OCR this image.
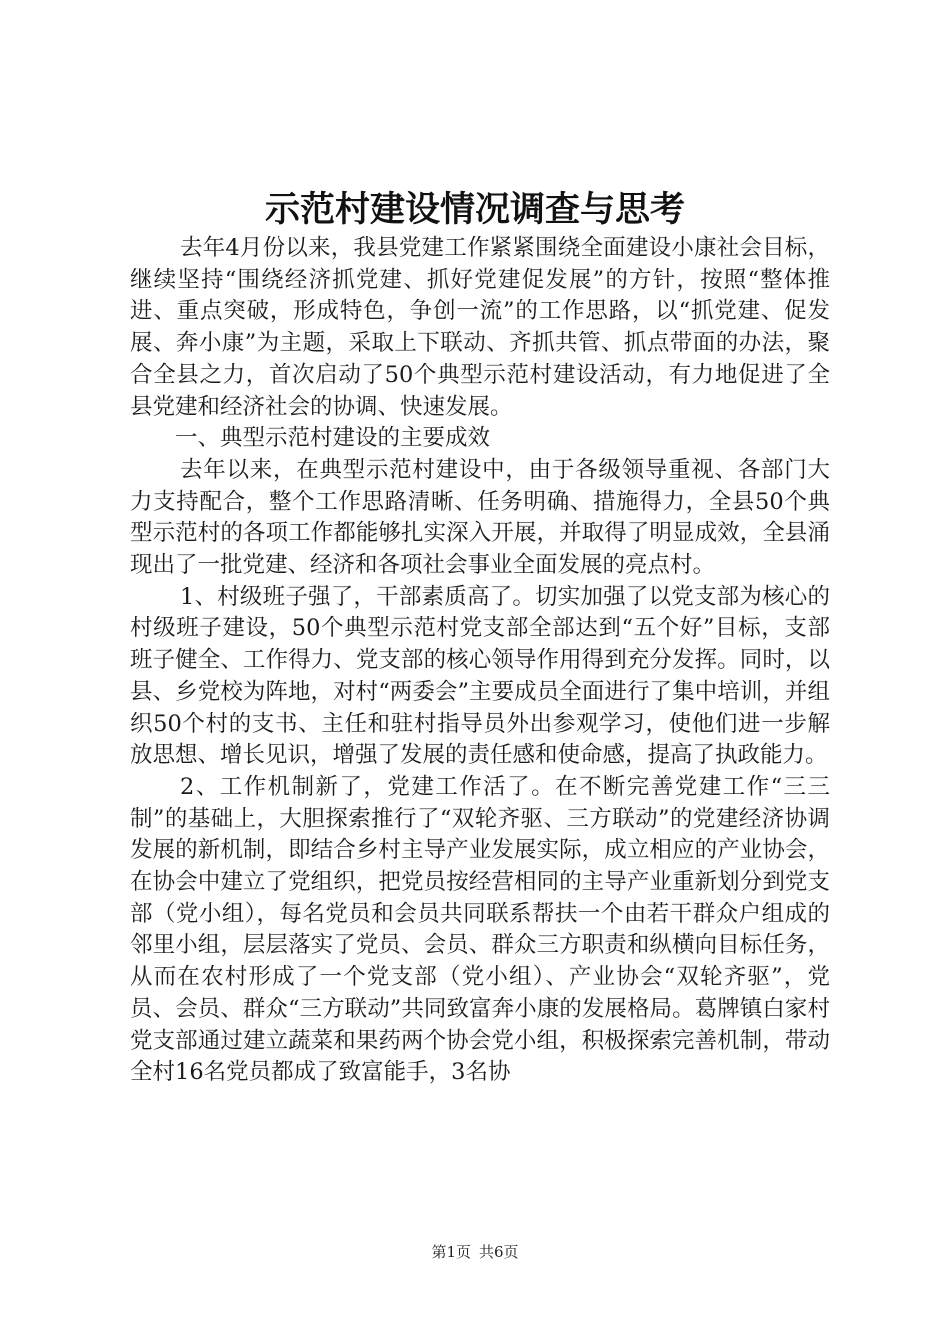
示范村建设情况调查与思考

去年4月份以来，我县党建工作紧紧围绕全面建设小康社会目标，继续坚持“围绕经济抓党建、抓好党建促发展”的方针，按照“整体推进、重点突破，形成特色，争创一流”的工作思路，以“抓党建、促发展、奔小康”为主题，采取上下联动、齐抓共管、抓点带面的办法，聚合全县之力，首次启动了50个典型示范村建设活动，有力地促进了全县党建和经济社会的协调、快速发展。

一、典型示范村建设的主要成效

去年以来，在典型示范村建设中，由于各级领导重视、各部门大力支持配合，整个工作思路清晰、任务明确、措施得力，全县50个典型示范村的各项工作都能够扎实深入开展，并取得了明显成效，全县涌现出了一批党建、经济和各项社会事业全面发展的亮点村。

1、村级班子强了，干部素质高了。切实加强了以党支部为核心的村级班子建设，50个典型示范村党支部全部达到“五个好”目标，支部班子健全、工作得力、党支部的核心领导作用得到充分发挥。同时，以县、乡党校为阵地，对村“两委会”主要成员全面进行了集中培训，并组织50个村的支书、主任和驻村指导员外出参观学习，使他们进一步解放思想、增长见识，增强了发展的责任感和使命感，提高了执政能力。

2、工作机制新了，党建工作活了。在不断完善党建工作“三三制”的基础上，大胆探索推行了“双轮齐驱、三方联动”的党建经济协调发展的新机制，即结合乡村主导产业发展实际，成立相应的产业协会，在协会中建立了党组织，把党员按经营相同的主导产业重新划分到党支部（党小组），每名党员和会员共同联系帮扶一个由若干群众户组成的邻里小组，层层落实了党员、会员、群众三方职责和纵横向目标任务，从而在农村形成了一个党支部（党小组）、产业协会“双轮齐驱”，党员、会员、群众“三方联动”共同致富奔小康的发展格局。葛牌镇白家村党支部通过建立蔬菜和果药两个协会党小组，积极探索完善机制，带动全村16名党员都成了致富能手，3名协

第1页 共6页
